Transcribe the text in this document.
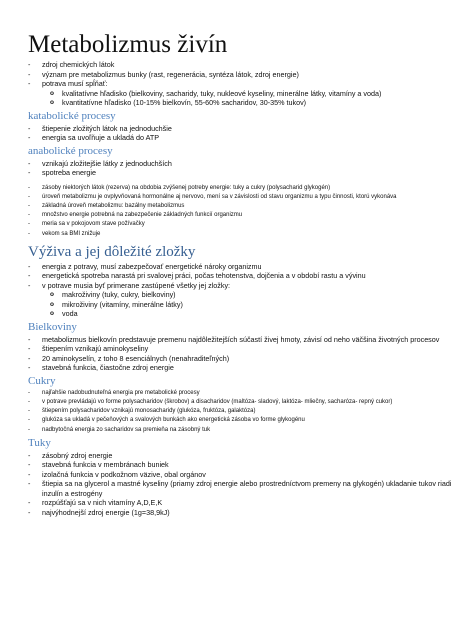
Metabolizmus živín
- zdroj chemických látok
- význam pre metabolizmus bunky (rast, regenerácia, syntéza látok, zdroj energie)
- potrava musí spĺňať:
o kvalitatívne hľadisko (bielkoviny, sacharidy, tuky, nukleové kyseliny, minerálne látky, vitamíny a voda)
o kvantitatívne hľadisko (10-15% bielkovín, 55-60% sacharidov, 30-35% tukov)
katabolické procesy
- štiepenie zložitých látok na jednoduchšie
- energia sa uvoľňuje a ukladá do ATP
anabolické procesy
- vznikajú zložitejšie látky z jednoduchších
- spotreba energie
- zásoby niektorých látok (rezerva) na obdobia zvýšenej potreby energie: tuky a cukry (polysacharid glykogén)
- úroveň metabolizmu je ovplyvňovaná hormonálne aj nervovo, mení sa v závislosti od stavu organizmu a typu činnosti, ktorú vykonáva
- základná úroveň metabolizmu: bazálny metabolizmus
- množstvo energie potrebná na zabezpečenie základných funkcií organizmu
- meria sa v pokojovom stave požívačky
- vekom sa BMI znižuje
Výživa a jej dôležité zložky
- energia z potravy, musí zabezpečovať energetické nároky organizmu
- energetická spotreba narastá pri svalovej práci, počas tehotenstva, dojčenia a v období rastu a vývinu
- v potrave musia byť primerane zastúpené všetky jej zložky:
o makroživiny (tuky, cukry, bielkoviny)
o mikroživiny (vitamíny, minerálne látky)
o voda
Bielkoviny
- metabolizmus bielkovín predstavuje premenu najdôležitejších súčastí živej hmoty, závisí od neho väčšina životných procesov
- štiepením vznikajú aminokyseliny
- 20 aminokyselín, z toho 8 esenciálnych (nenahraditeľných)
- stavebná funkcia, čiastočne zdroj energie
Cukry
- najľahšie nadobudnuteľná energia pre metabolické procesy
- v potrave prevládajú vo forme polysacharidov (škrobov) a disacharidov (maltóza- sladový, laktóza- mliečny, sacharóza- repný cukor)
- štiepením polysacharidov vznikajú monosacharidy (glukóza, fruktóza, galaktóza)
- glukóza sa ukladá v pečeňových a svalových bunkách ako energetická zásoba vo forme glykogénu
- nadbytočná energia zo sacharidov sa premieňa na zásobný tuk
Tuky
- zásobný zdroj energie
- stavebná funkcia v membránach buniek
- izolačná funkcia v podkožnom väzive, obal orgánov
- štiepia sa na glycerol a mastné kyseliny (priamy zdroj energie alebo prostredníctvom premeny na glykogén) ukladanie tukov riadi inzulín a estrogény
- rozpúšťajú sa v nich vitamíny A,D,E,K
- najvýhodnejší zdroj energie (1g=38,9kJ)
